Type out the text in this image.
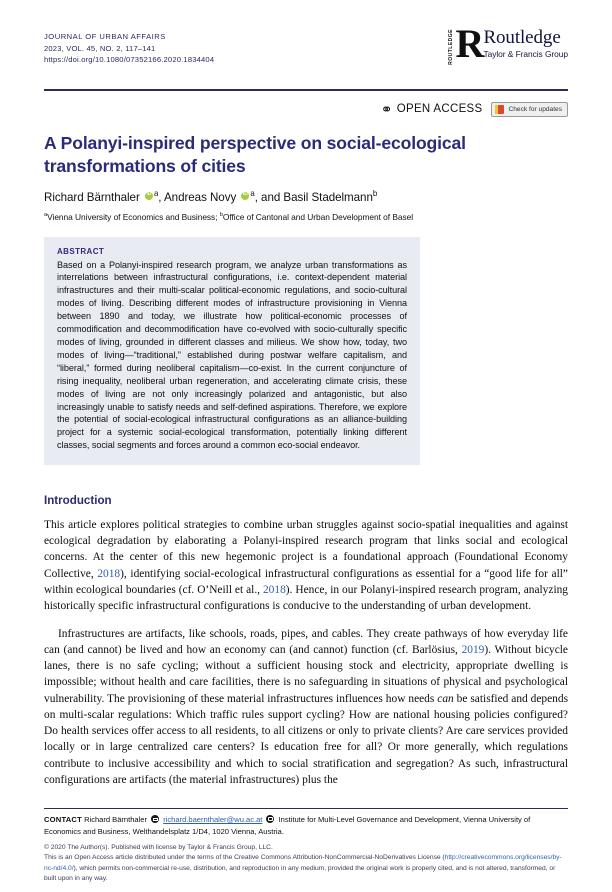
JOURNAL OF URBAN AFFAIRS
2023, VOL. 45, NO. 2, 117–141
https://doi.org/10.1080/07352166.2020.1834404	ROUTLEDGE R Routledge
Taylor & Francis Group
⚭ OPEN ACCESS	Check for updates
A Polanyi-inspired perspective on social-ecological transformations of cities
Richard Bärnthaler $iD^a$, Andreas Novy $iD^a$, and Basil Stadelmann$^b$
$^a$Vienna University of Economics and Business; $^b$Office of Cantonal and Urban Development of Basel
ABSTRACT
Based on a Polanyi-inspired research program, we analyze urban transformations as interrelations between infrastructural configurations, i.e. context-dependent material infrastructures and their multi-scalar political-economic regulations, and socio-cultural modes of living. Describing different modes of infrastructure provisioning in Vienna between 1890 and today, we illustrate how political-economic processes of commodification and decommodification have co-evolved with socio-culturally specific modes of living, grounded in different classes and milieus. We show how, today, two modes of living—“traditional,” established during postwar welfare capitalism, and “liberal,” formed during neoliberal capitalism—co-exist. In the current conjuncture of rising inequality, neoliberal urban regeneration, and accelerating climate crisis, these modes of living are not only increasingly polarized and antagonistic, but also increasingly unable to satisfy needs and self-defined aspirations. Therefore, we explore the potential of social-ecological infrastructural configurations as an alliance-building project for a systemic social-ecological transformation, potentially linking different classes, social segments and forces around a common eco-social endeavor.
Introduction

This article explores political strategies to combine urban struggles against socio-spatial inequalities and against ecological degradation by elaborating a Polanyi-inspired research program that links social and ecological concerns. At the center of this new hegemonic project is a foundational approach (Foundational Economy Collective, 2018), identifying social-ecological infrastructural configurations as essential for a “good life for all” within ecological boundaries (cf. O’Neill et al., 2018). Hence, in our Polanyi-inspired research program, analyzing historically specific infrastructural configurations is conducive to the understanding of urban development.

Infrastructures are artifacts, like schools, roads, pipes, and cables. They create pathways of how everyday life can (and cannot) be lived and how an economy can (and cannot) function (cf. Barlösius, 2019). Without bicycle lanes, there is no safe cycling; without a sufficient housing stock and electricity, appropriate dwelling is impossible; without health and care facilities, there is no safeguarding in situations of physical and psychological vulnerability. The provisioning of these material infrastructures influences how needs can be satisfied and depends on multi-scalar regulations: Which traffic rules support cycling? How are national housing policies configured? Do health services offer access to all residents, to all citizens or only to private clients? Are care services provided locally or in large centralized care centers? Is education free for all? Or more generally, which regulations contribute to inclusive accessibility and which to social stratification and segregation? As such, infrastructural configurations are artifacts (the material infrastructures) plus the

CONTACT Richard Bärnthaler richard.baernthaler@wu.ac.at Institute for Multi-Level Governance and Development, Vienna University of Economics and Business, Welthandelsplatz 1/D4, 1020 Vienna, Austria.
© 2020 The Author(s). Published with license by Taylor & Francis Group, LLC.
This is an Open Access article distributed under the terms of the Creative Commons Attribution-NonCommercial-NoDerivatives License (http://creativecommons.org/licenses/by-nc-nd/4.0/), which permits non-commercial re-use, distribution, and reproduction in any medium, provided the original work is properly cited, and is not altered, transformed, or built upon in any way.
